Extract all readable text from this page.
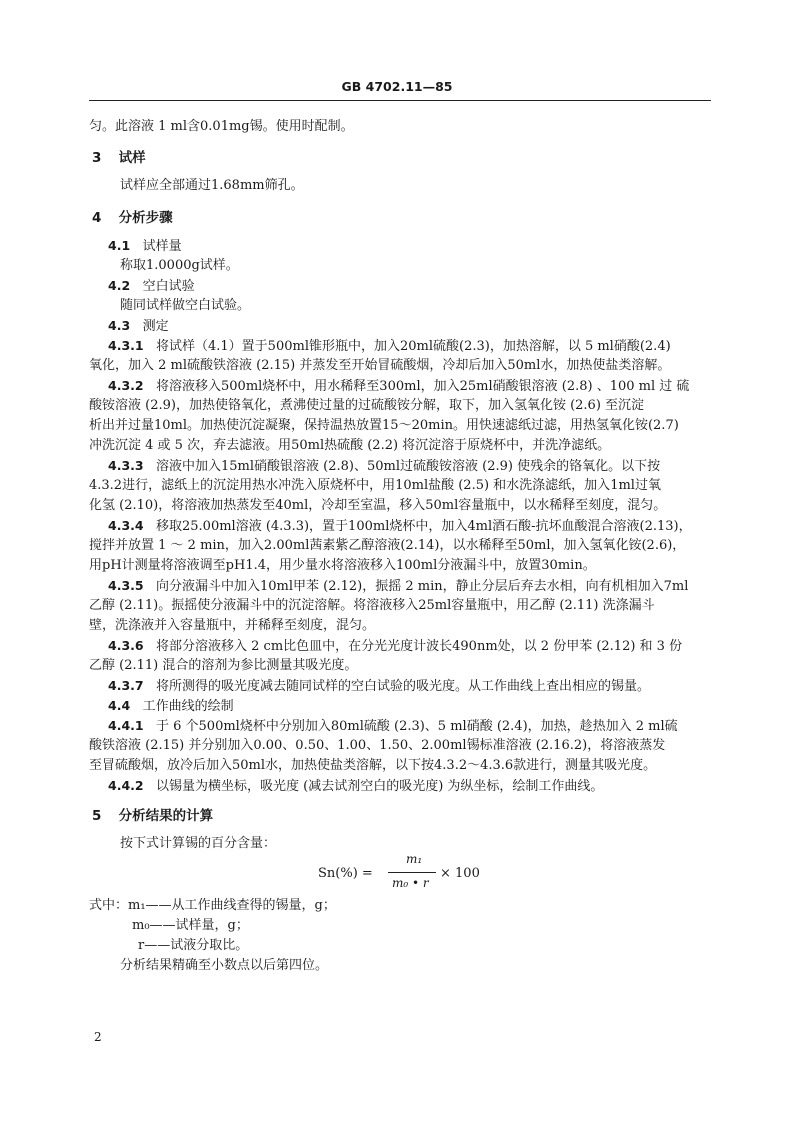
GB 4702.11—85
匀。此溶液 1 ml含0.01mg锡。使用时配制。
3 试样
试样应全部通过1.68mm筛孔。
4 分析步骤
4.1 试样量
称取1.0000g试样。
4.2 空白试验
随同试样做空白试验。
4.3 测定
4.3.1 将试样（4.1）置于500ml锥形瓶中，加入20ml硫酸(2.3)，加热溶解，以 5 ml硝酸(2.4)
氧化，加入 2 ml硫酸铁溶液 (2.15) 并蒸发至开始冒硫酸烟，冷却后加入50ml水，加热使盐类溶解。
4.3.2 将溶液移入500ml烧杯中，用水稀释至300ml，加入25ml硝酸银溶液 (2.8) 、100 ml 过 硫
酸铵溶液 (2.9)，加热使铬氧化，煮沸使过量的过硫酸铵分解，取下，加入氢氧化铵 (2.6) 至沉淀
析出并过量10ml。加热使沉淀凝聚，保持温热放置15～20min。用快速滤纸过滤，用热氢氧化铵(2.7)
冲洗沉淀 4 或 5 次，弃去滤液。用50ml热硫酸 (2.2) 将沉淀溶于原烧杯中，并洗净滤纸。
4.3.3 溶液中加入15ml硝酸银溶液 (2.8)、50ml过硫酸铵溶液 (2.9) 使残余的铬氧化。以下按
4.3.2进行，滤纸上的沉淀用热水冲洗入原烧杯中，用10ml盐酸 (2.5) 和水洗涤滤纸，加入1ml过氧
化氢 (2.10)，将溶液加热蒸发至40ml，冷却至室温，移入50ml容量瓶中，以水稀释至刻度，混匀。
4.3.4 移取25.00ml溶液 (4.3.3)，置于100ml烧杯中，加入4ml酒石酸-抗坏血酸混合溶液(2.13)，
搅拌并放置 1 ～ 2 min，加入2.00ml茜素紫乙醇溶液(2.14)，以水稀释至50ml，加入氢氧化铵(2.6)，
用pH计测量将溶液调至pH1.4，用少量水将溶液移入100ml分液漏斗中，放置30min。
4.3.5 向分液漏斗中加入10ml甲苯 (2.12)，振摇 2 min，静止分层后弃去水相，向有机相加入7ml
乙醇 (2.11)。振摇使分液漏斗中的沉淀溶解。将溶液移入25ml容量瓶中，用乙醇 (2.11) 洗涤漏斗
壁，洗涤液并入容量瓶中，并稀释至刻度，混匀。
4.3.6 将部分溶液移入 2 cm比色皿中，在分光光度计波长490nm处，以 2 份甲苯 (2.12) 和 3 份
乙醇 (2.11) 混合的溶剂为参比测量其吸光度。
4.3.7 将所测得的吸光度减去随同试样的空白试验的吸光度。从工作曲线上查出相应的锡量。
4.4 工作曲线的绘制
4.4.1 于 6 个500ml烧杯中分别加入80ml硫酸 (2.3)、5 ml硝酸 (2.4)，加热，趁热加入 2 ml硫
酸铁溶液 (2.15) 并分别加入0.00、0.50、1.00、1.50、2.00ml锡标准溶液 (2.16.2)，将溶液蒸发
至冒硫酸烟，放冷后加入50ml水，加热使盐类溶解，以下按4.3.2～4.3.6款进行，测量其吸光度。
4.4.2 以锡量为横坐标，吸光度 (减去试剂空白的吸光度) 为纵坐标，绘制工作曲线。
5 分析结果的计算
按下式计算锡的百分含量：
Sn(%) =
m₁
m₀ • r
× 100
式中：m₁——从工作曲线查得的锡量，g；
m₀——试样量，g；
r——试液分取比。
分析结果精确至小数点以后第四位。
2
